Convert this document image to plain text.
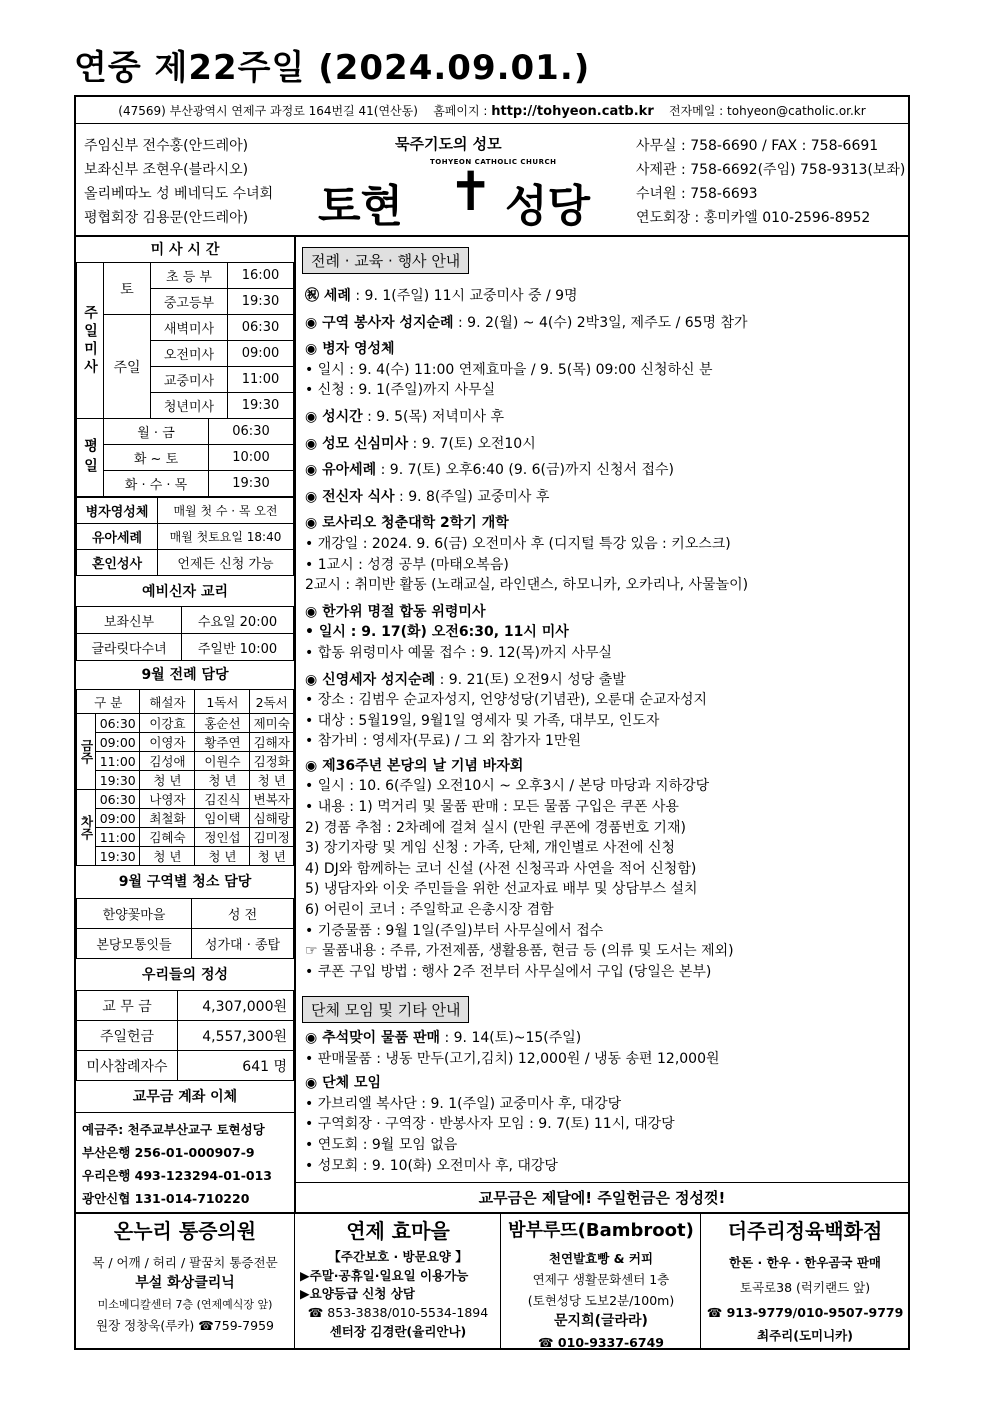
연중 제22주일 (2024.09.01.)
(47569) 부산광역시 연제구 과정로 164번길 41(연산동) 홈페이지 : http://tohyeon.catb.kr 전자메일 : tohyeon@catholic.or.kr
주임신부 전수홍(안드레아)
보좌신부 조현우(블라시오)
올리베따노 성 베네딕도 수녀회
평협회장 김용문(안드레아)
묵주기도의 성모
토현 ✝ 성당
TOHYEON CATHOLIC CHURCH
사무실 : 758-6690 / FAX : 758-6691
사제관 : 758-6692(주임) 758-9313(보좌)
수녀원 : 758-6693
연도회장 : 홍미카엘 010-2596-8952
미 사 시 간
주일미사	토	초 등 부	16:00
		중고등부	19:30
	주일	새벽미사	06:30
		오전미사	09:00
		교중미사	11:00
		청년미사	19:30
평일	월 · 금	06:30
	화 ~ 토	10:00
	화 · 수 · 목	19:30
병자영성체	매월 첫 수 · 목 오전
유아세례	매월 첫토요일 18:40
혼인성사	언제든 신청 가능
예비신자 교리
보좌신부	수요일 20:00
글라릿다수녀	주일반 10:00
9월 전례 담당
구 분		해설자	1독서	2독서
금주	06:30	이강효	홍순선	제미숙
	09:00	이영자	황주연	김해자
	11:00	김성애	이원수	김정화
	19:30	청 년	청 년	청 년
차주	06:30	나영자	김진식	변복자
	09:00	최철화	임이택	심해랑
	11:00	김혜숙	정인섭	김미정
	19:30	청 년	청 년	청 년
9월 구역별 청소 담당
한양꽃마을	성 전
본당모통잇들	성가대 · 종탑
우리들의 정성
교 무 금	4,307,000원
주일헌금	4,557,300원
미사참례자수	641 명
교무금 계좌 이체
예금주: 천주교부산교구 토현성당
부산은행 256-01-000907-9
우리은행 493-123294-01-013
광안신협 131-014-710220
전례 · 교육 · 행사 안내
㊗ 세례 : 9. 1(주일) 11시 교중미사 중 / 9명
◉ 구역 봉사자 성지순례 : 9. 2(월) ~ 4(수) 2박3일, 제주도 / 65명 참가
◉ 병자 영성체
• 일시 : 9. 4(수) 11:00 연제효마을 / 9. 5(목) 09:00 신청하신 분
• 신청 : 9. 1(주일)까지 사무실
◉ 성시간 : 9. 5(목) 저녁미사 후
◉ 성모 신심미사 : 9. 7(토) 오전10시
◉ 유아세례 : 9. 7(토) 오후6:40 (9. 6(금)까지 신청서 접수)
◉ 전신자 식사 : 9. 8(주일) 교중미사 후
◉ 로사리오 청춘대학 2학기 개학
• 개강일 : 2024. 9. 6(금) 오전미사 후 (디지털 특강 있음 : 키오스크)
• 1교시 : 성경 공부 (마태오복음)
2교시 : 취미반 활동 (노래교실, 라인댄스, 하모니카, 오카리나, 사물놀이)
◉ 한가위 명절 합동 위령미사
• 일시 : 9. 17(화) 오전6:30, 11시 미사
• 합동 위령미사 예물 접수 : 9. 12(목)까지 사무실
◉ 신영세자 성지순례 : 9. 21(토) 오전9시 성당 출발
• 장소 : 김범우 순교자성지, 언양성당(기념관), 오룬대 순교자성지
• 대상 : 5월19일, 9월1일 영세자 및 가족, 대부모, 인도자
• 참가비 : 영세자(무료) / 그 외 참가자 1만원
◉ 제36주년 본당의 날 기념 바자회
• 일시 : 10. 6(주일) 오전10시 ~ 오후3시 / 본당 마당과 지하강당
• 내용 : 1) 먹거리 및 물품 판매 : 모든 물품 구입은 쿠폰 사용
2) 경품 추첨 : 2차례에 걸쳐 실시 (만원 쿠폰에 경품번호 기재)
3) 장기자랑 및 게임 신청 : 가족, 단체, 개인별로 사전에 신청
4) DJ와 함께하는 코너 신설 (사전 신청곡과 사연을 적어 신청함)
5) 냉담자와 이웃 주민들을 위한 선교자료 배부 및 상담부스 설치
6) 어린이 코너 : 주일학교 은총시장 겸함
• 기증물품 : 9월 1일(주일)부터 사무실에서 접수
☞ 물품내용 : 주류, 가전제품, 생활용품, 현금 등 (의류 및 도서는 제외)
• 쿠폰 구입 방법 : 행사 2주 전부터 사무실에서 구입 (당일은 본부)
단체 모임 및 기타 안내
◉ 추석맞이 물품 판매 : 9. 14(토)~15(주일)
• 판매물품 : 냉동 만두(고기,김치) 12,000원 / 냉동 송편 12,000원
◉ 단체 모임
• 가브리엘 복사단 : 9. 1(주일) 교중미사 후, 대강당
• 구역회장 · 구역장 · 반봉사자 모임 : 9. 7(토) 11시, 대강당
• 연도회 : 9월 모임 없음
• 성모회 : 9. 10(화) 오전미사 후, 대강당
교무금은 제달에! 주일헌금은 정성껏!
온누리 통증의원
목 / 어깨 / 허리 / 팔꿈치 통증전문
부설 화상클리닉
미소메디칼센터 7층 (연제예식장 앞)
원장 정창욱(루카) ☎759-7959
연제 효마을
【주간보호 · 방문요양 】
▶주말·공휴일·일요일 이용가능
▶요양등급 신청 상담
☎ 853-3838/010-5534-1894
센터장 김경란(율리안나)
밤부루뜨(Bambroot)
천연발효빵 & 커피
연제구 생활문화센터 1층
(토현성당 도보2분/100m)
문지희(글라라)
☎ 010-9337-6749
더주리정육백화점
한돈 · 한우 · 한우곰국 판매
토곡로38 (럭키랜드 앞)
☎ 913-9779/010-9507-9779
최주리(도미니카)
